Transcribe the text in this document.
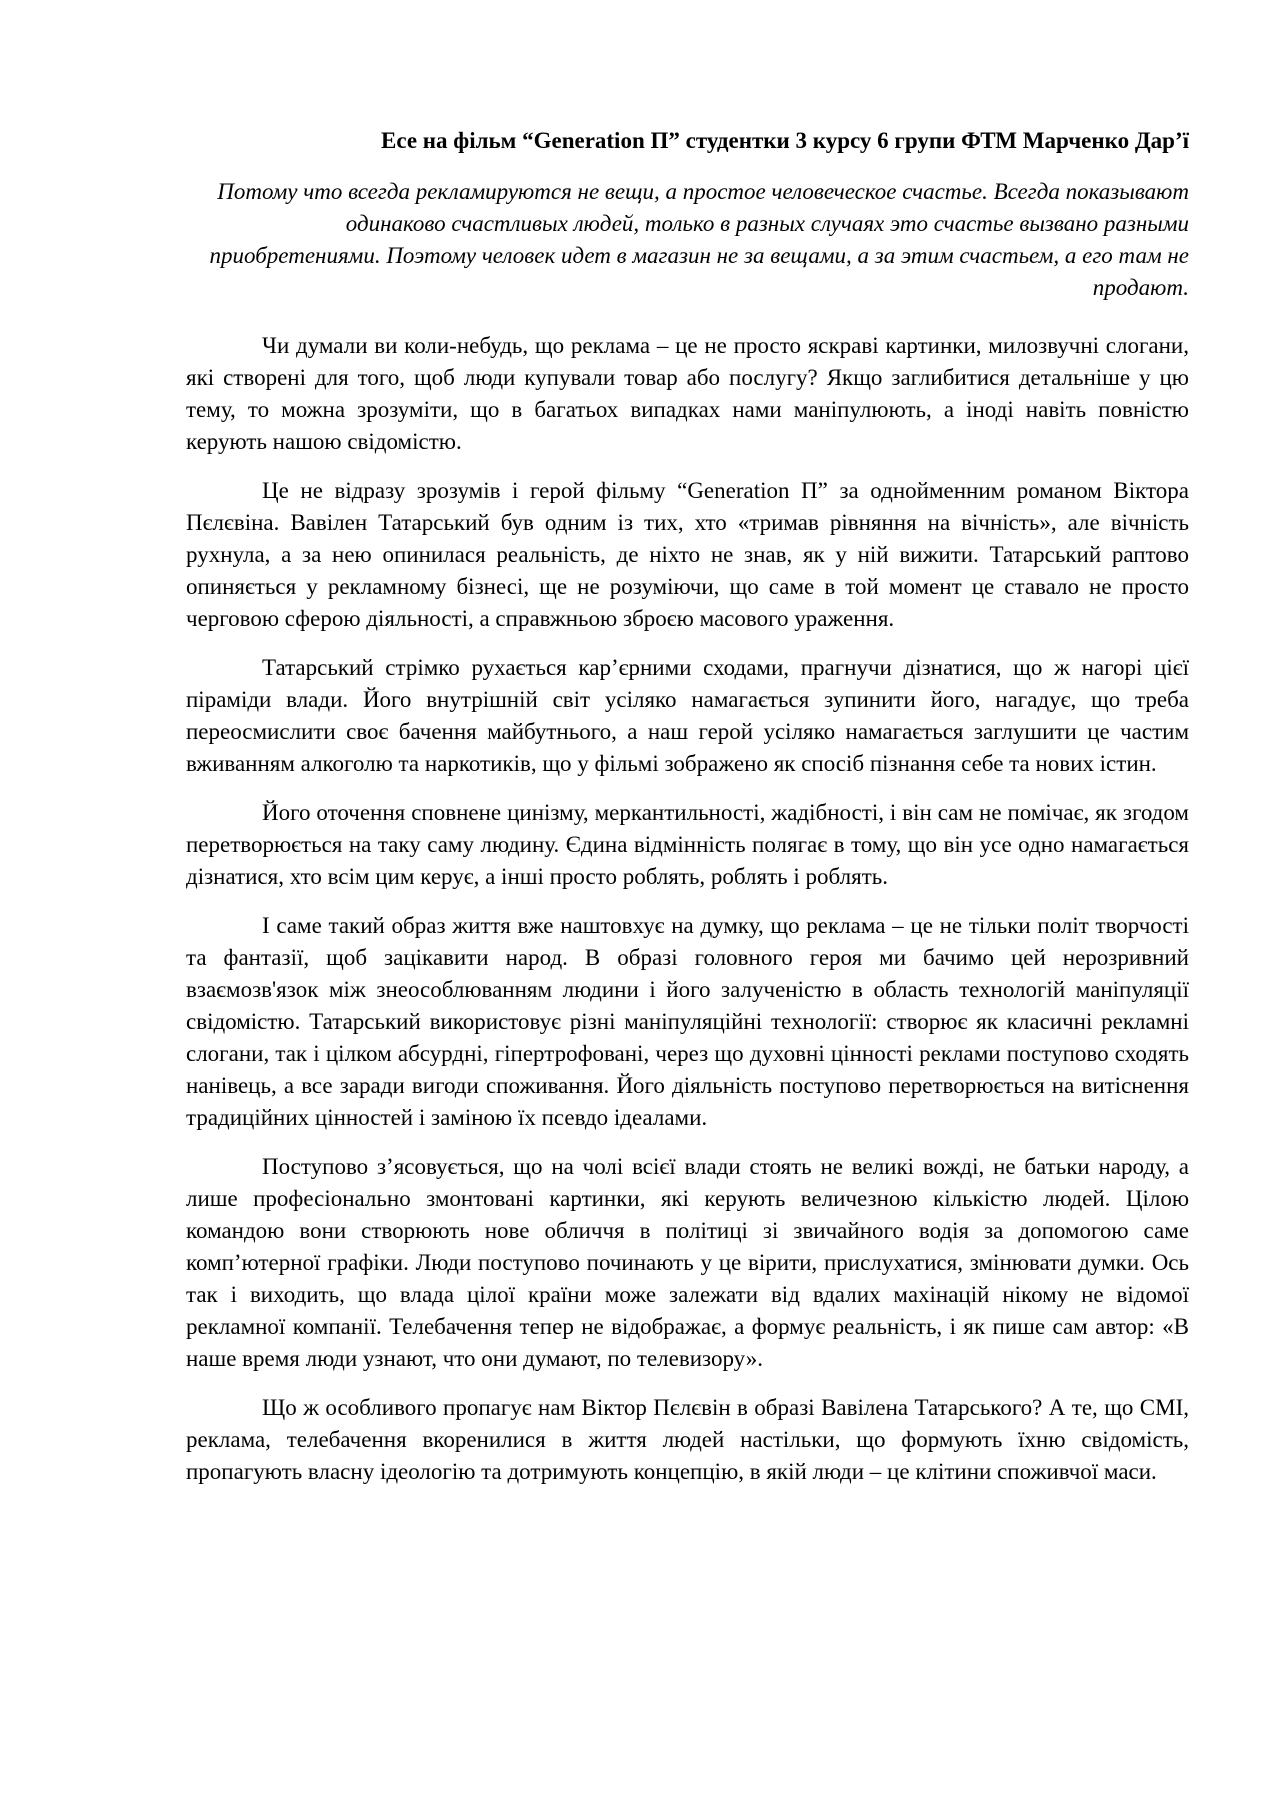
Есе на фільм “Generation П” студентки 3 курсу 6 групи ФТМ Марченко Дар’ї
Потому что всегда рекламируются не вещи, а простое человеческое счастье. Всегда показывают одинаково счастливых людей, только в разных случаях это счастье вызвано разными приобретениями. Поэтому человек идет в магазин не за вещами, а за этим счастьем, а его там не продают.

Чи думали ви коли-небудь, що реклама – це не просто яскраві картинки, милозвучні слогани, які створені для того, щоб люди купували товар або послугу? Якщо заглибитися детальніше у цю тему, то можна зрозуміти, що в багатьох випадках нами маніпулюють, а іноді навіть повністю керують нашою свідомістю.

Це не відразу зрозумів і герой фільму “Generation П” за однойменним романом Віктора Пєлєвіна. Вавілен Татарський був одним із тих, хто «тримав рівняння на вічність», але вічність рухнула, а за нею опинилася реальність, де ніхто не знав, як у ній вижити. Татарський раптово опиняється у рекламному бізнесі, ще не розуміючи, що саме в той момент це ставало не просто черговою сферою діяльності, а справжньою зброєю масового ураження.

Татарський стрімко рухається кар’єрними сходами, прагнучи дізнатися, що ж нагорі цієї піраміди влади. Його внутрішній світ усіляко намагається зупинити його, нагадує, що треба переосмислити своє бачення майбутнього, а наш герой усіляко намагається заглушити це частим вживанням алкоголю та наркотиків, що у фільмі зображено як спосіб пізнання себе та нових істин.

Його оточення сповнене цинізму, меркантильності, жадібності, і він сам не помічає, як згодом перетворюється на таку саму людину. Єдина відмінність полягає в тому, що він усе одно намагається дізнатися, хто всім цим керує, а інші просто роблять, роблять і роблять.

І саме такий образ життя вже наштовхує на думку, що реклама – це не тільки політ творчості та фантазії, щоб зацікавити народ. В образі головного героя ми бачимо цей нерозривний взаємозв'язок між знеособлюванням людини і його залученістю в область технологій маніпуляції свідомістю. Татарський використовує різні маніпуляційні технології: створює як класичні рекламні слогани, так і цілком абсурдні, гіпертрофовані, через що духовні цінності реклами поступово сходять нанівець, а все заради вигоди споживання. Його діяльність поступово перетворюється на витіснення традиційних цінностей і заміною їх псевдо ідеалами.

Поступово з’ясовується, що на чолі всієї влади стоять не великі вожді, не батьки народу, а лише професіонально змонтовані картинки, які керують величезною кількістю людей. Цілою командою вони створюють нове обличчя в політиці зі звичайного водія за допомогою саме комп’ютерної графіки. Люди поступово починають у це вірити, прислухатися, змінювати думки. Ось так і виходить, що влада цілої країни може залежати від вдалих махінацій нікому не відомої рекламної компанії. Телебачення тепер не відображає, а формує реальність, і як пише сам автор: «В наше время люди узнают, что они думают, по телевизору».

Що ж особливого пропагує нам Віктор Пєлєвін в образі Вавілена Татарського? А те, що СМІ, реклама, телебачення вкоренилися в життя людей настільки, що формують їхню свідомість, пропагують власну ідеологію та дотримують концепцію, в якій люди – це клітини споживчої маси.
